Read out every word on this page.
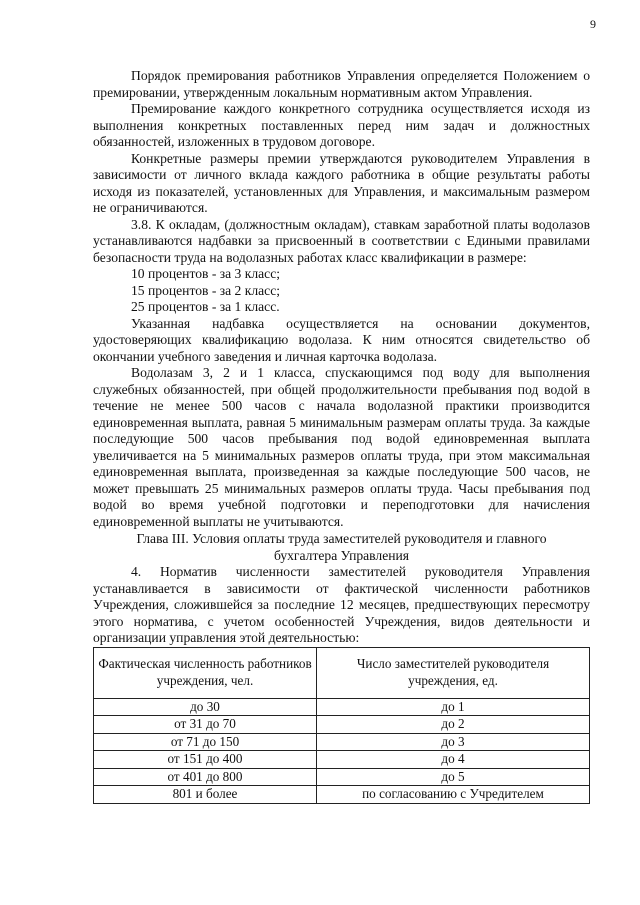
9

Порядок премирования работников Управления определяется Положением о премировании, утвержденным локальным нормативным актом Управления.

Премирование каждого конкретного сотрудника осуществляется исходя из выполнения конкретных поставленных перед ним задач и должностных обязанностей, изложенных в трудовом договоре.

Конкретные размеры премии утверждаются руководителем Управления в зависимости от личного вклада каждого работника в общие результаты работы исходя из показателей, установленных для Управления, и максимальным размером не ограничиваются.

3.8. К окладам, (должностным окладам), ставкам заработной платы водолазов устанавливаются надбавки за присвоенный в соответствии с Едиными правилами безопасности труда на водолазных работах класс квалификации в размере:

10 процентов - за 3 класс;

15 процентов - за 2 класс;

25 процентов - за 1 класс.

Указанная надбавка осуществляется на основании документов, удостоверяющих квалификацию водолаза. К ним относятся свидетельство об окончании учебного заведения и личная карточка водолаза.

Водолазам 3, 2 и 1 класса, спускающимся под воду для выполнения служебных обязанностей, при общей продолжительности пребывания под водой в течение не менее 500 часов с начала водолазной практики производится единовременная выплата, равная 5 минимальным размерам оплаты труда. За каждые последующие 500 часов пребывания под водой единовременная выплата увеличивается на 5 минимальных размеров оплаты труда, при этом максимальная единовременная выплата, произведенная за каждые последующие 500 часов, не может превышать 25 минимальных размеров оплаты труда. Часы пребывания под водой во время учебной подготовки и переподготовки для начисления единовременной выплаты не учитываются.

Глава III. Условия оплаты труда заместителей руководителя и главного
бухгалтера Управления

4. Норматив численности заместителей руководителя Управления устанавливается в зависимости от фактической численности работников Учреждения, сложившейся за последние 12 месяцев, предшествующих пересмотру этого норматива, с учетом особенностей Учреждения, видов деятельности и организации управления этой деятельностью:

Фактическая численность работников учреждения, чел.	Число заместителей руководителя учреждения, ед.
до 30	до 1
от 31 до 70	до 2
от 71 до 150	до 3
от 151 до 400	до 4
от 401 до 800	до 5
801 и более	по согласованию с Учредителем
